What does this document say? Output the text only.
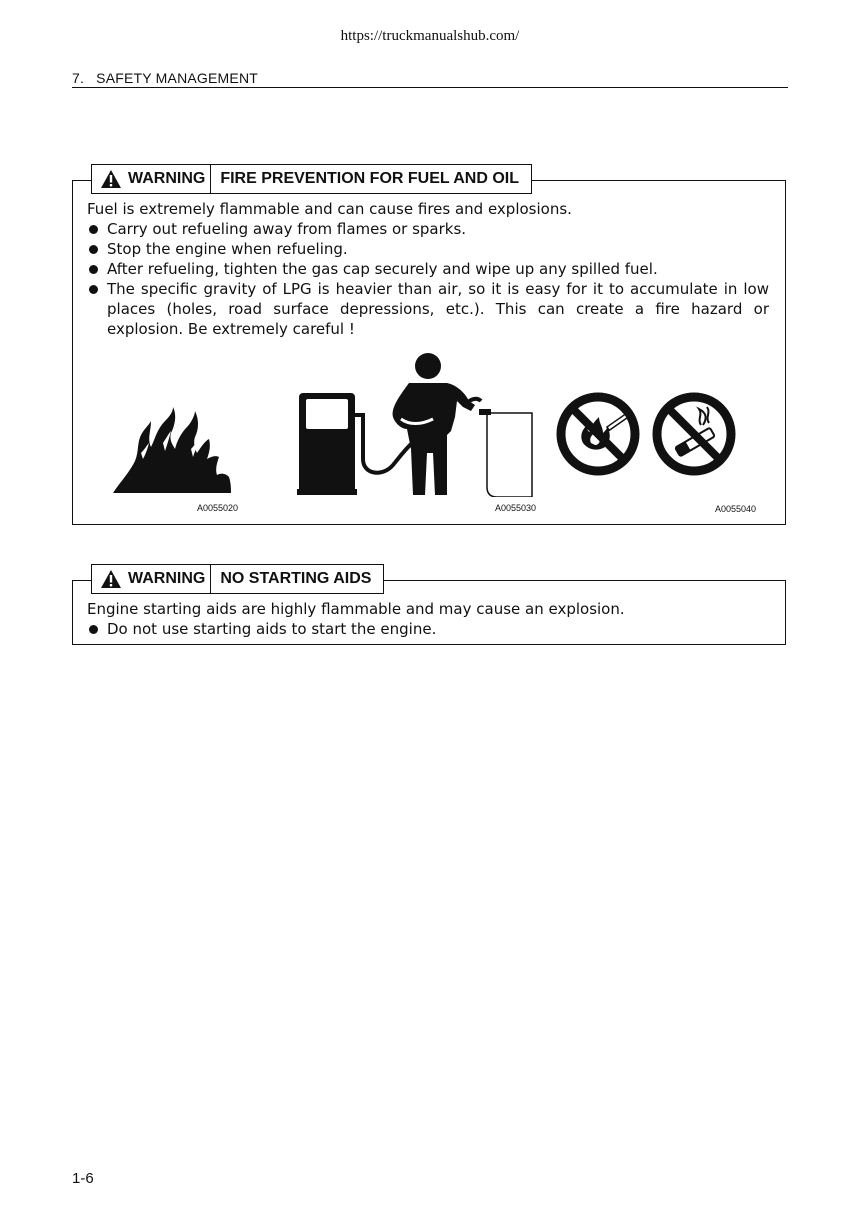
https://truckmanualshub.com/
7. SAFETY MANAGEMENT
WARNING FIRE PREVENTION FOR FUEL AND OIL

Fuel is extremely flammable and can cause fires and explosions.

Carry out refueling away from flames or sparks.
Stop the engine when refueling.
After refueling, tighten the gas cap securely and wipe up any spilled fuel.
The specific gravity of LPG is heavier than air, so it is easy for it to accumulate in low places (holes, road surface depressions, etc.). This can create a fire hazard or explosion. Be extremely careful !
A0055020	A0055030	A0055040
WARNING NO STARTING AIDS

Engine starting aids are highly flammable and may cause an explosion.

Do not use starting aids to start the engine.
1-6
